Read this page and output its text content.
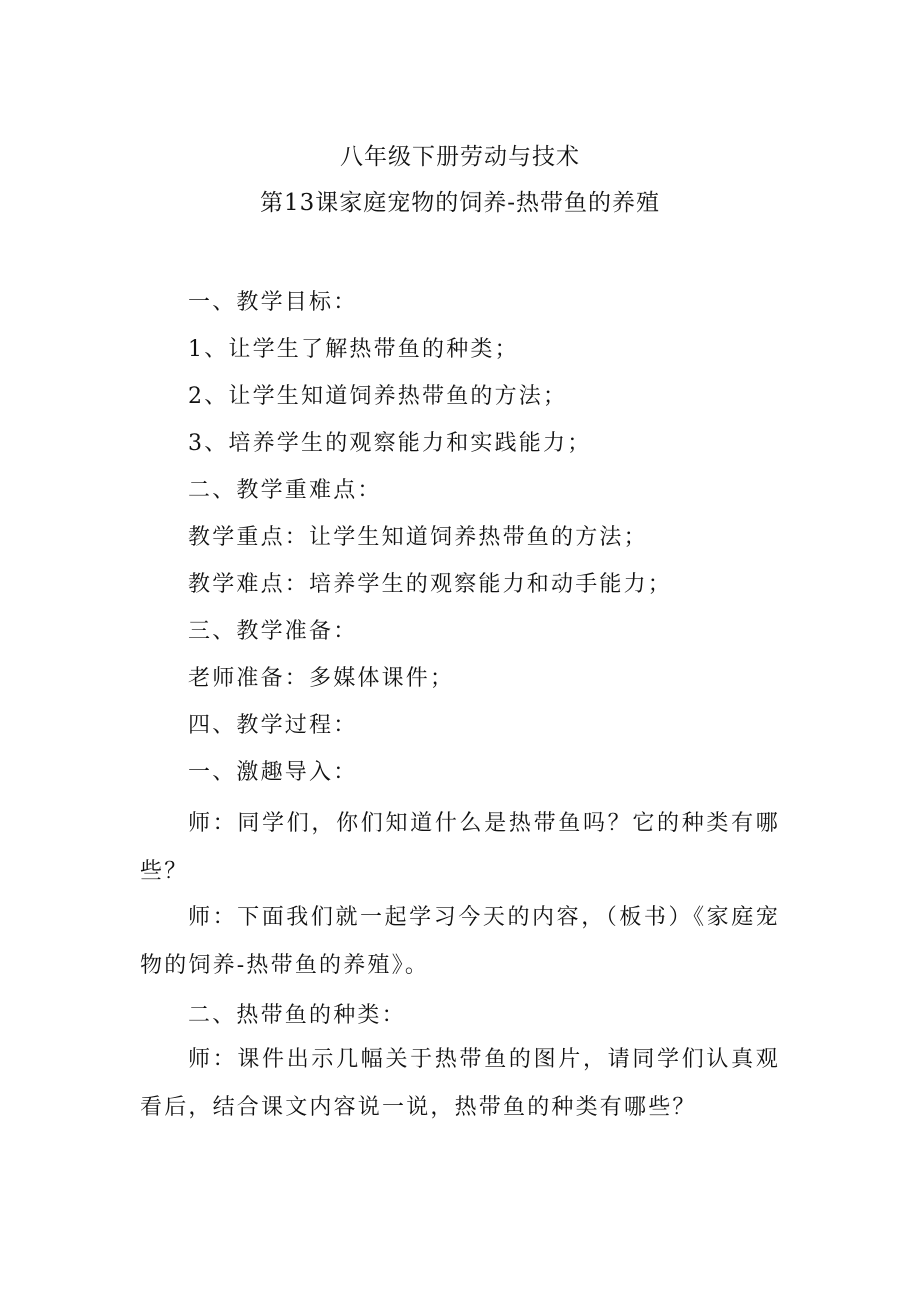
八年级下册劳动与技术
第13课家庭宠物的饲养-热带鱼的养殖
一、教学目标：
1、让学生了解热带鱼的种类；
2、让学生知道饲养热带鱼的方法；
3、培养学生的观察能力和实践能力；
二、教学重难点：
教学重点：让学生知道饲养热带鱼的方法；
教学难点：培养学生的观察能力和动手能力；
三、教学准备：
老师准备：多媒体课件；
四、教学过程：
一、激趣导入：
师：同学们，你们知道什么是热带鱼吗？它的种类有哪些？
师：下面我们就一起学习今天的内容，（板书）《家庭宠物的饲养-热带鱼的养殖》。
二、热带鱼的种类：
师：课件出示几幅关于热带鱼的图片，请同学们认真观看后，结合课文内容说一说，热带鱼的种类有哪些？
